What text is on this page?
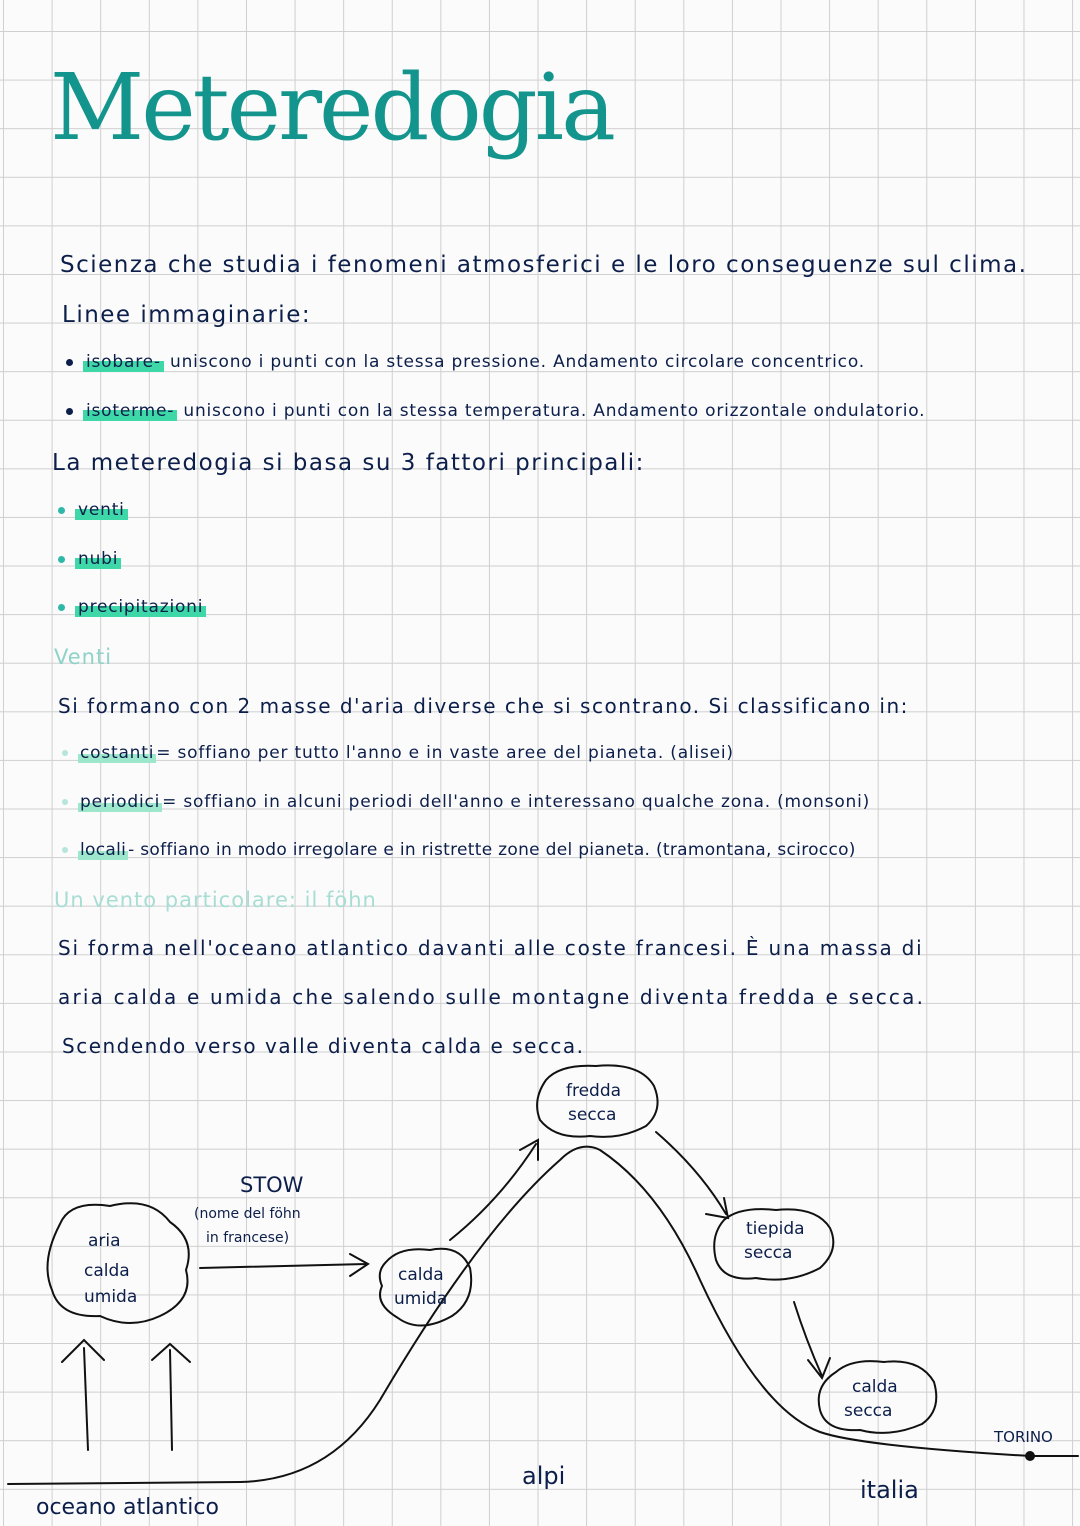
Meteredogia
Scienza che studia i fenomeni atmosferici e le loro conseguenze sul clima.
Linee immaginarie:
isobare- uniscono i punti con la stessa pressione. Andamento circolare concentrico.
isoterme- uniscono i punti con la stessa temperatura. Andamento orizzontale ondulatorio.
La meteredogia si basa su 3 fattori principali:
venti
nubi
precipitazioni
Venti
Si formano con 2 masse d'aria diverse che si scontrano. Si classificano in:
costanti = soffiano per tutto l'anno e in vaste aree del pianeta. (alisei)
periodici = soffiano in alcuni periodi dell'anno e interessano qualche zona. (monsoni)
locali - soffiano in modo irregolare e in ristrette zone del pianeta. (tramontana, scirocco)
Un vento particolare: il föhn
Si forma nell'oceano atlantico davanti alle coste francesi. È una massa di
aria calda e umida che salendo sulle montagne diventa fredda e secca.
Scendendo verso valle diventa calda e secca.
aria
calda
umida
calda
umida
fredda
secca
tiepida
secca
calda
secca
STOW
(nome del föhn
in francese)
oceano atlantico
alpi	italia
TORINO
